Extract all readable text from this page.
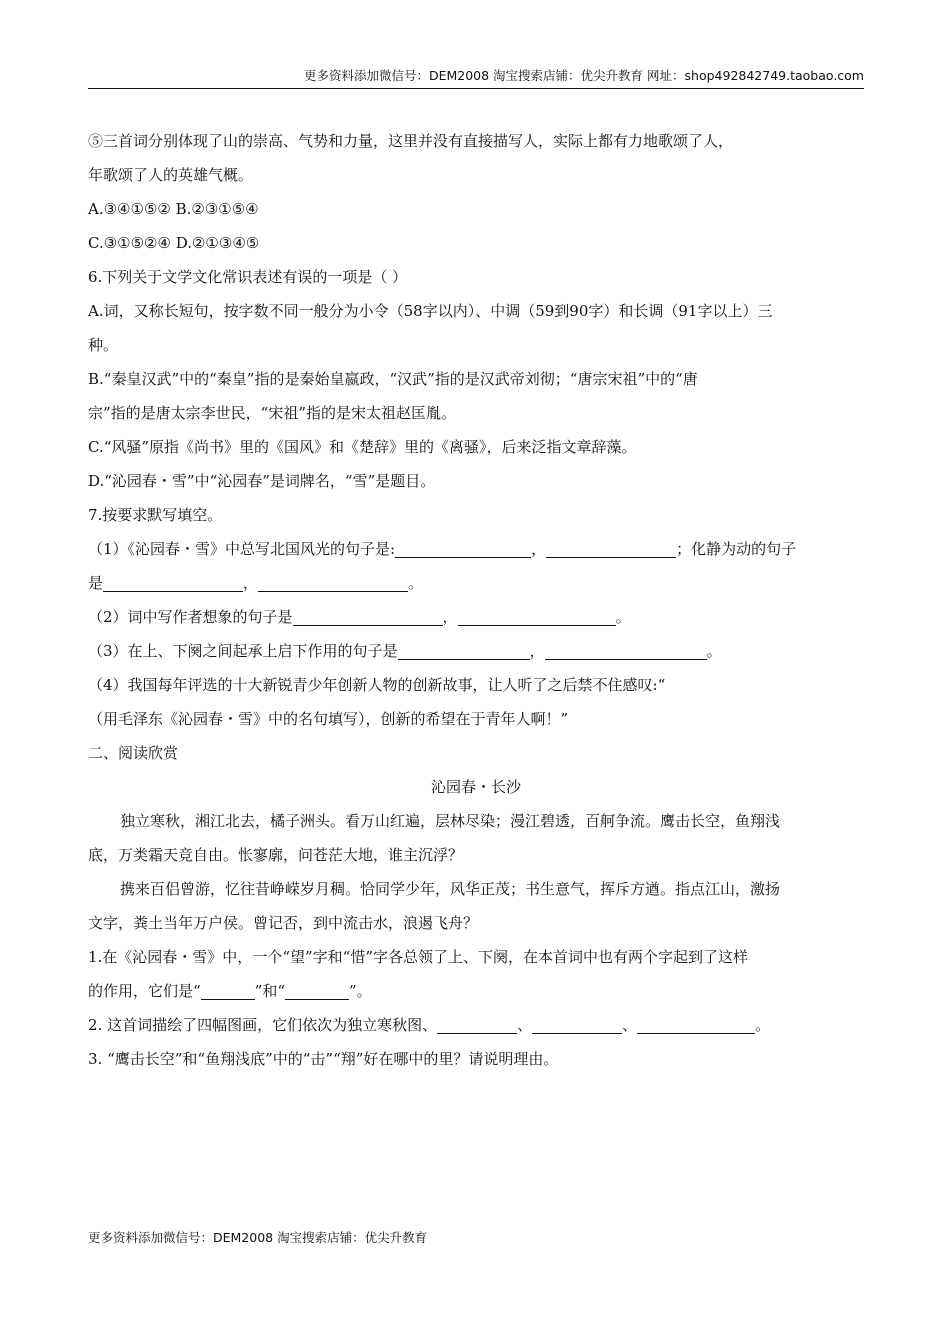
更多资料添加微信号：DEM2008 淘宝搜索店铺：优尖升教育 网址：shop492842749.taobao.com
⑤三首词分别体现了山的崇高、气势和力量，这里并没有直接描写人，实际上都有力地歌颂了人，
年歌颂了人的英雄气概。
A.③④①⑤② B.②③①⑤④
C.③①⑤②④ D.②①③④⑤
6.下列关于文学文化常识表述有误的一项是（ ）
A.词，又称长短句，按字数不同一般分为小令（58字以内）、中调（59到90字）和长调（91字以上）三
种。
B.“秦皇汉武”中的“秦皇”指的是秦始皇嬴政，“汉武”指的是汉武帝刘彻；“唐宗宋祖”中的“唐
宗”指的是唐太宗李世民，“宋祖”指的是宋太祖赵匡胤。
C.“风骚”原指《尚书》里的《国风》和《楚辞》里的《离骚》，后来泛指文章辞藻。
D.“沁园春・雪”中“沁园春”是词牌名，“雪”是题目。
7.按要求默写填空。
（1）《沁园春・雪》中总写北国风光的句子是:	，	；化静为动的句子
是	，	。
（2）词中写作者想象的句子是	，	。
（3）在上、下阕之间起承上启下作用的句子是	，	。
（4）我国每年评选的十大新锐青少年创新人物的创新故事，让人听了之后禁不住感叹:“
（用毛泽东《沁园春・雪》中的名句填写），创新的希望在于青年人啊！”
二、阅读欣赏
沁园春・长沙
独立寒秋，湘江北去，橘子洲头。看万山红遍，层林尽染；漫江碧透，百舸争流。鹰击长空，鱼翔浅
底，万类霜天竞自由。怅寥廓，问苍茫大地，谁主沉浮？
携来百侣曾游，忆往昔峥嵘岁月稠。恰同学少年，风华正茂；书生意气，挥斥方遒。指点江山，激扬
文字，粪土当年万户侯。曾记否，到中流击水，浪遏飞舟？
1.在《沁园春・雪》中，一个“望”字和“惜”字各总领了上、下阕，在本首词中也有两个字起到了这样
的作用，它们是“	”和“	”。
2. 这首词描绘了四幅图画，它们依次为独立寒秋图、	、	、	。
3. “鹰击长空”和“鱼翔浅底”中的“击”“翔”好在哪中的里？请说明理由。
更多资料添加微信号：DEM2008 淘宝搜索店铺：优尖升教育
